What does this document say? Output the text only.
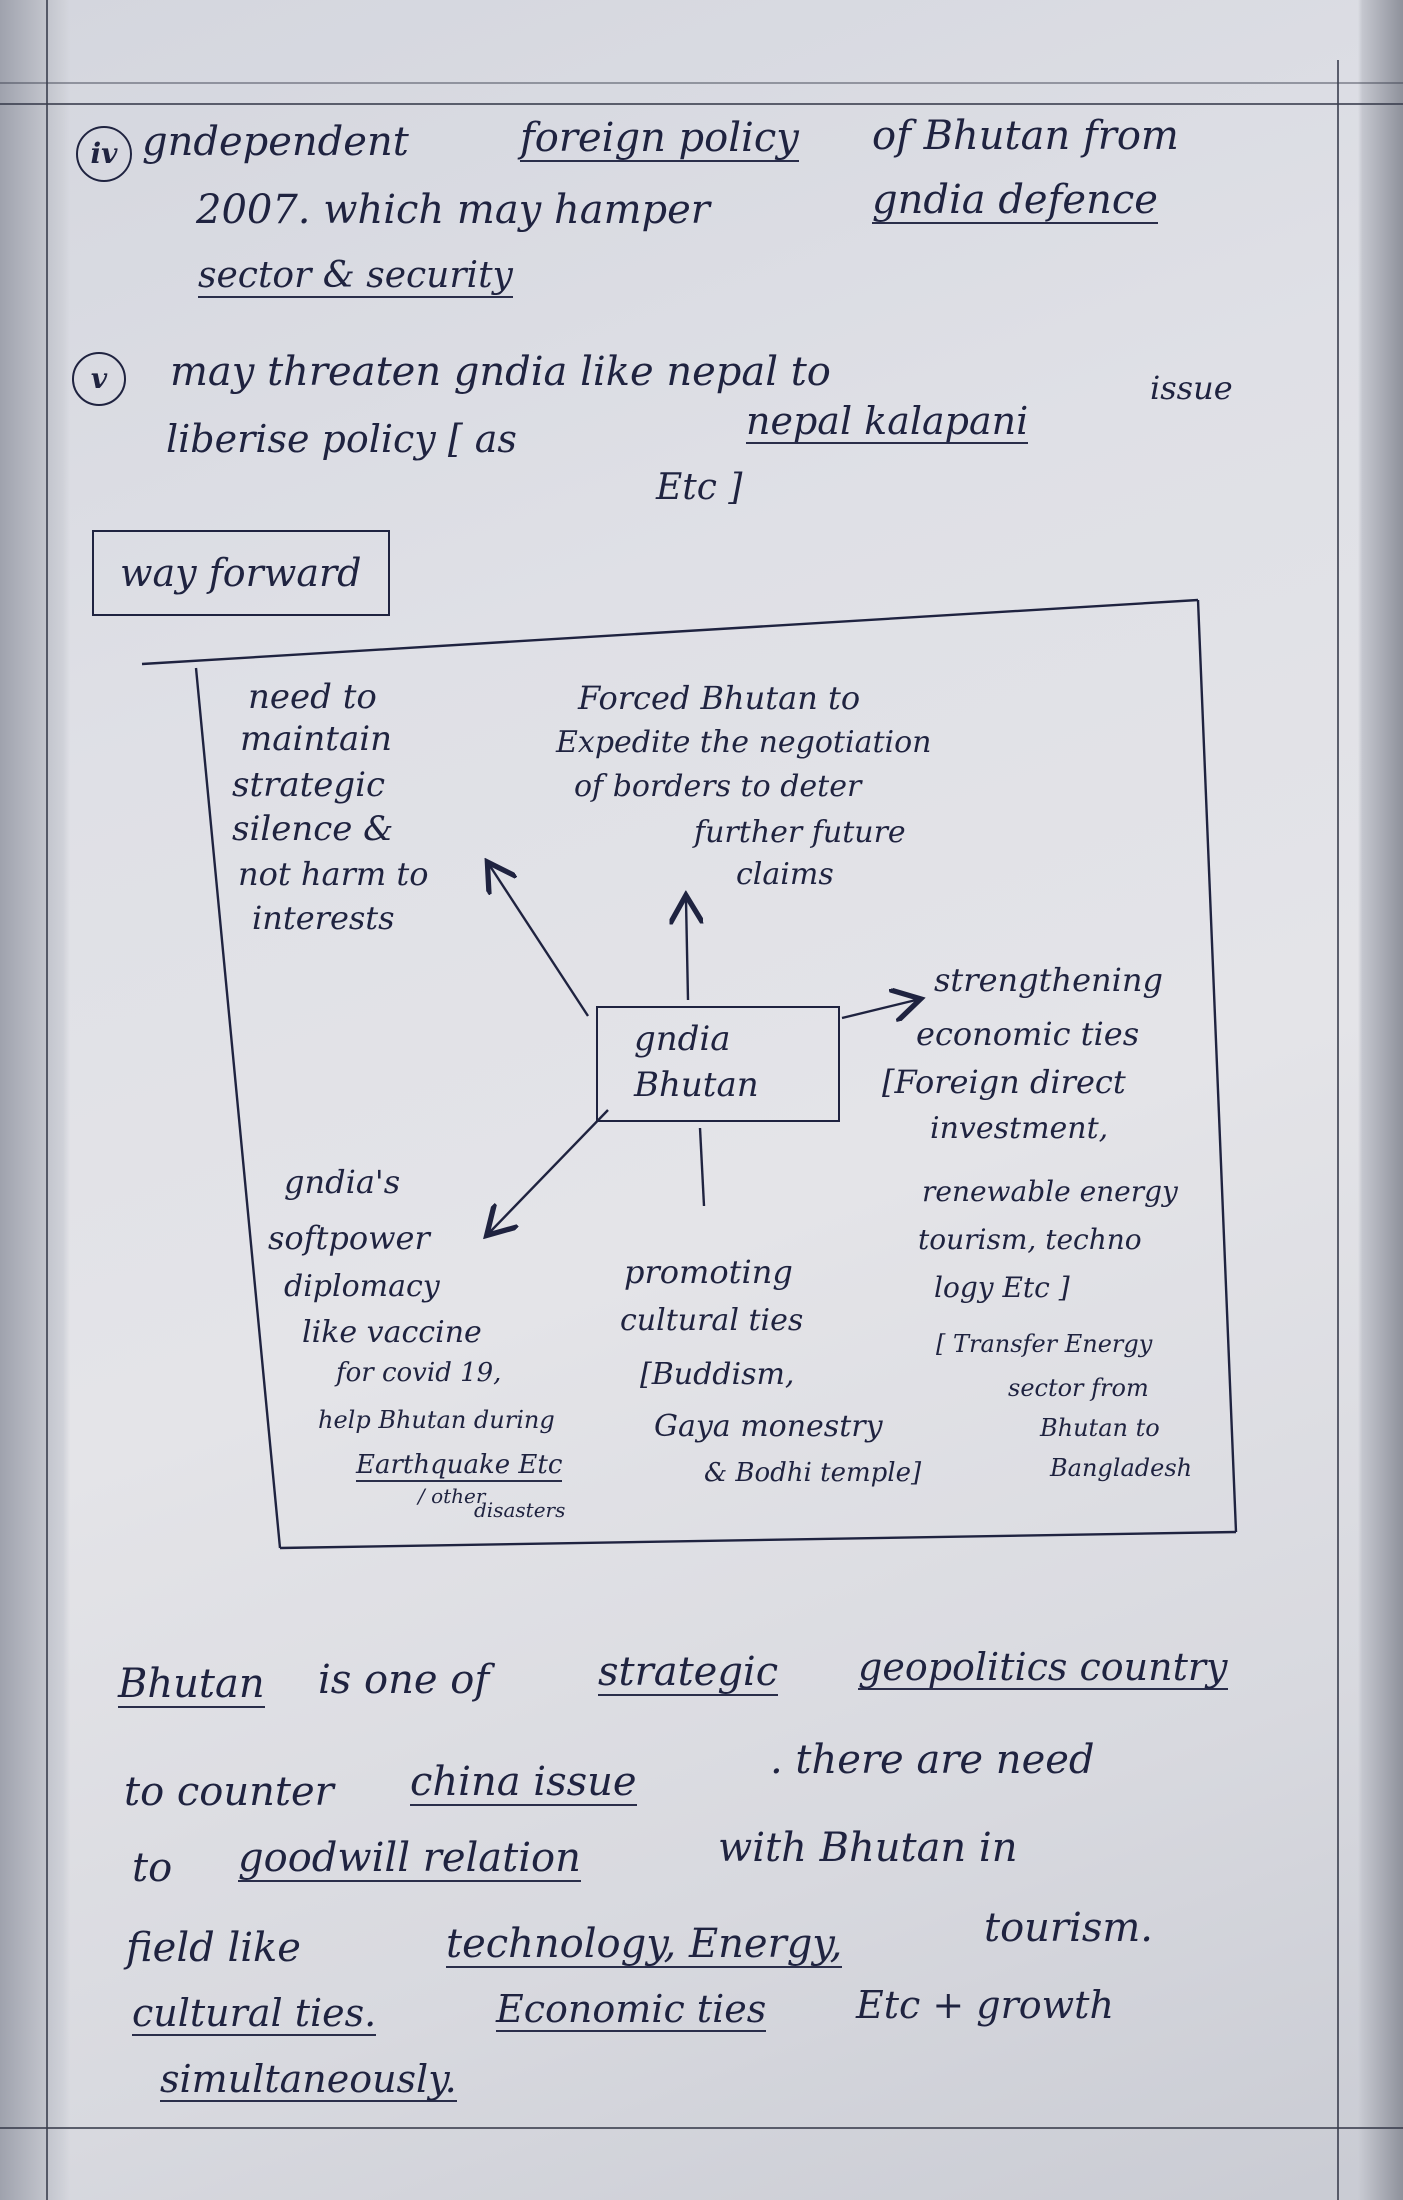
iv gndependent	foreign policy of Bhutan from
2007. which may hamper	gndia defence
sector & security
v	may threaten gndia like nepal to
liberise policy [ as	nepal kalapani
issue
Etc ]
way forward
gndia
Bhutan
need to
maintain
strategic
silence &
not harm to
interests
Forced Bhutan to
Expedite the negotiation
of borders to deter
further future
claims
strengthening
economic ties
[Foreign direct
investment,
renewable energy
tourism, techno
logy Etc ]
[ Transfer Energy
sector from
Bhutan to
Bangladesh
promoting
cultural ties
[Buddism,
Gaya monestry
& Bodhi temple]
gndia's
softpower
diplomacy
like vaccine
for covid 19,
help Bhutan during
Earthquake Etc
/ other
disasters
Bhutan is one of	strategic geopolitics country
to counter china issue	. there are need
to goodwill relation	with Bhutan in
field like	technology, Energy,	tourism.
cultural ties.	Economic ties Etc + growth
simultaneously.
